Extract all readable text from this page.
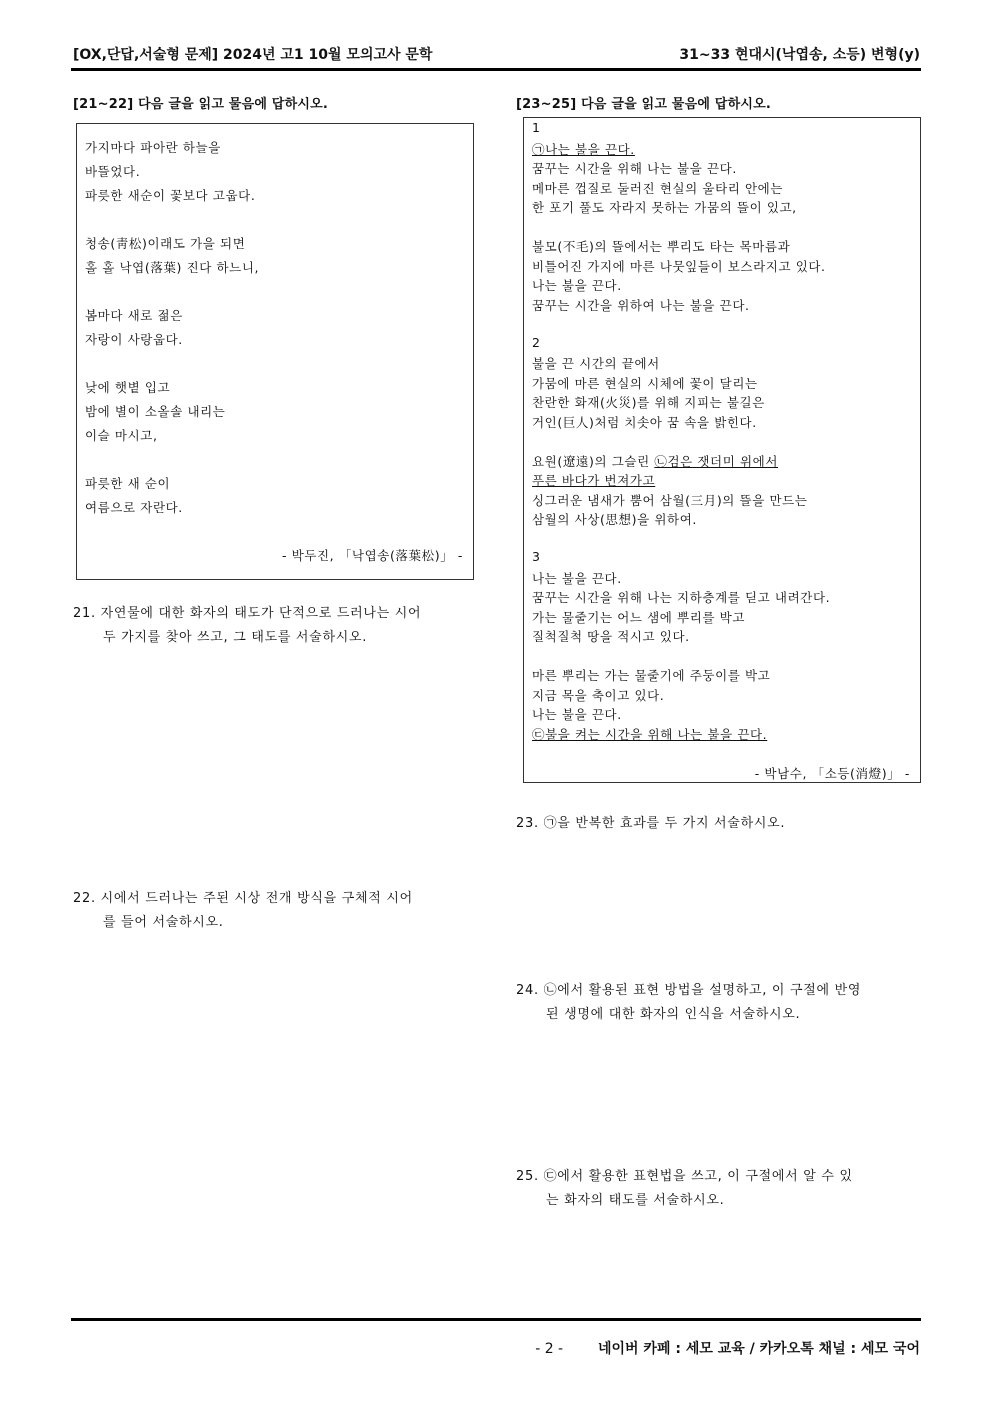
[OX,단답,서술형 문제] 2024년 고1 10월 모의고사 문학	31~33 현대시(낙엽송, 소등) 변형(y)
[21~22] 다음 글을 읽고 물음에 답하시오.
가지마다 파아란 하늘을
바뜰었다.
파릇한 새순이 꽃보다 고웁다.
청송(靑松)이래도 가을 되면
홀 홀 낙엽(落葉) 진다 하느니,
봄마다 새로 젊은
자랑이 사랑웁다.
낮에 햇볕 입고
밤에 별이 소올솔 내리는
이슬 마시고,
파릇한 새 순이
여름으로 자란다.
- 박두진, 「낙엽송(落葉松)」 -
21. 자연물에 대한 화자의 태도가 단적으로 드러나는 시어
두 가지를 찾아 쓰고, 그 태도를 서술하시오.
22. 시에서 드러나는 주된 시상 전개 방식을 구체적 시어
를 들어 서술하시오.
[23~25] 다음 글을 읽고 물음에 답하시오.
1
㉠나는 불을 끈다.
꿈꾸는 시간을 위해 나는 불을 끈다.
메마른 껍질로 둘러진 현실의 울타리 안에는
한 포기 풀도 자라지 못하는 가뭄의 뜰이 있고,
불모(不毛)의 뜰에서는 뿌리도 타는 목마름과
비틀어진 가지에 마른 나뭇잎들이 보스라지고 있다.
나는 불을 끈다.
꿈꾸는 시간을 위하여 나는 불을 끈다.
2
불을 끈 시간의 끝에서
가뭄에 마른 현실의 시체에 꽃이 달리는
찬란한 화재(火災)를 위해 지피는 불길은
거인(巨人)처럼 치솟아 꿈 속을 밝힌다.
요원(遼遠)의 그슬린 ㉡검은 잿더미 위에서
푸른 바다가 번져가고
싱그러운 냄새가 뿜어 삼월(三月)의 뜰을 만드는
삼월의 사상(思想)을 위하여.
3
나는 불을 끈다.
꿈꾸는 시간을 위해 나는 지하층계를 딛고 내려간다.
가는 물줄기는 어느 샘에 뿌리를 박고
질척질척 땅을 적시고 있다.
마른 뿌리는 가는 물줄기에 주둥이를 박고
지금 목을 축이고 있다.
나는 불을 끈다.
㉢불을 켜는 시간을 위해 나는 불을 끈다.
- 박남수, 「소등(消燈)」 -
23. ㉠을 반복한 효과를 두 가지 서술하시오.
24. ㉡에서 활용된 표현 방법을 설명하고, 이 구절에 반영
된 생명에 대한 화자의 인식을 서술하시오.
25. ㉢에서 활용한 표현법을 쓰고, 이 구절에서 알 수 있
는 화자의 태도를 서술하시오.
- 2 - 네이버 카페 : 세모 교육 / 카카오톡 채널 : 세모 국어
